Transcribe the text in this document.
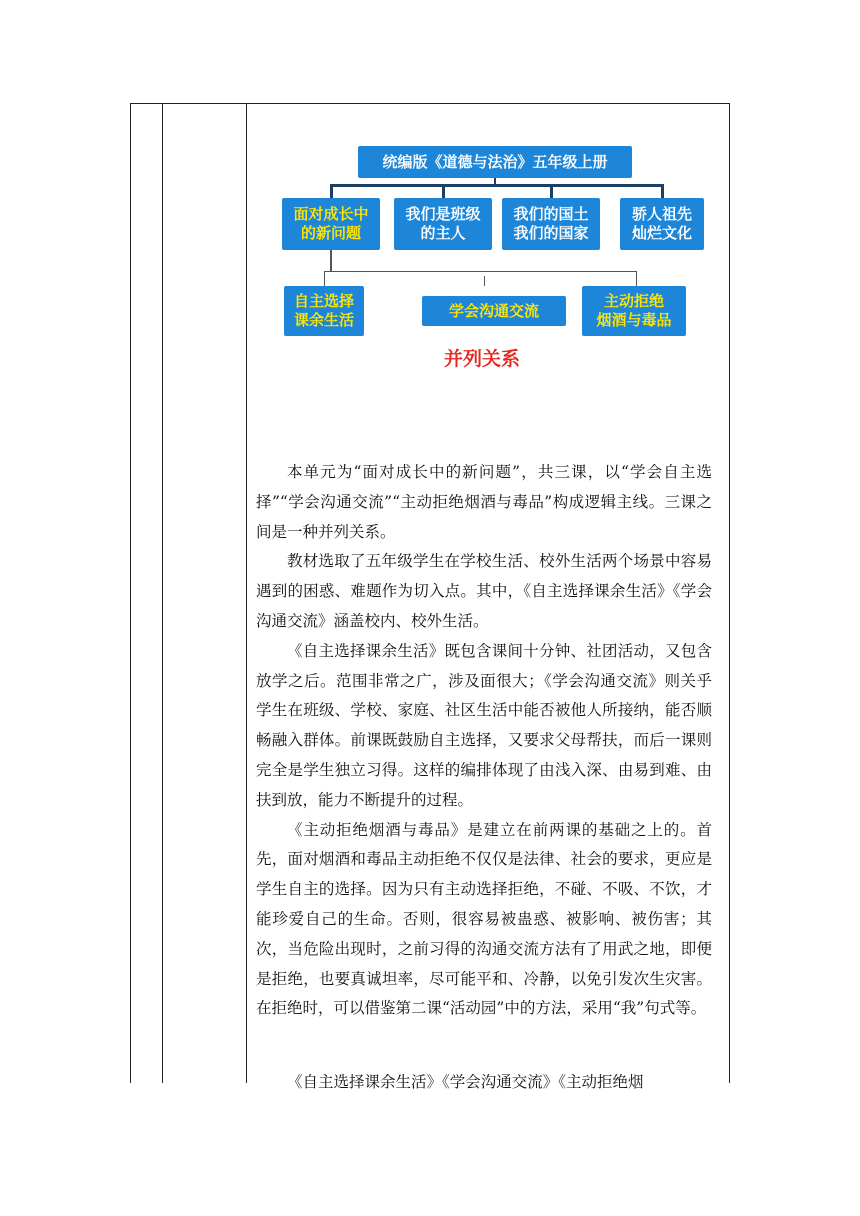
统编版《道德与法治》五年级上册
面对成长中
的新问题
我们是班级
的主人
我们的国土
我们的国家
骄人祖先
灿烂文化
自主选择
课余生活
学会沟通交流
主动拒绝
烟酒与毒品
并列关系

本单元为“面对成长中的新问题”，共三课，以“学会自主选择”“学会沟通交流”“主动拒绝烟酒与毒品”构成逻辑主线。三课之间是一种并列关系。

教材选取了五年级学生在学校生活、校外生活两个场景中容易遇到的困惑、难题作为切入点。其中，《自主选择课余生活》《学会沟通交流》涵盖校内、校外生活。

《自主选择课余生活》既包含课间十分钟、社团活动，又包含放学之后。范围非常之广，涉及面很大；《学会沟通交流》则关乎学生在班级、学校、家庭、社区生活中能否被他人所接纳，能否顺畅融入群体。前课既鼓励自主选择，又要求父母帮扶，而后一课则完全是学生独立习得。这样的编排体现了由浅入深、由易到难、由扶到放，能力不断提升的过程。

《主动拒绝烟酒与毒品》是建立在前两课的基础之上的。首先，面对烟酒和毒品主动拒绝不仅仅是法律、社会的要求，更应是学生自主的选择。因为只有主动选择拒绝，不碰、不吸、不饮，才能珍爱自己的生命。否则，很容易被蛊惑、被影响、被伤害；其次，当危险出现时，之前习得的沟通交流方法有了用武之地，即便是拒绝，也要真诚坦率，尽可能平和、冷静，以免引发次生灾害。在拒绝时，可以借鉴第二课“活动园”中的方法，采用“我”句式等。

《自主选择课余生活》《学会沟通交流》《主动拒绝烟
